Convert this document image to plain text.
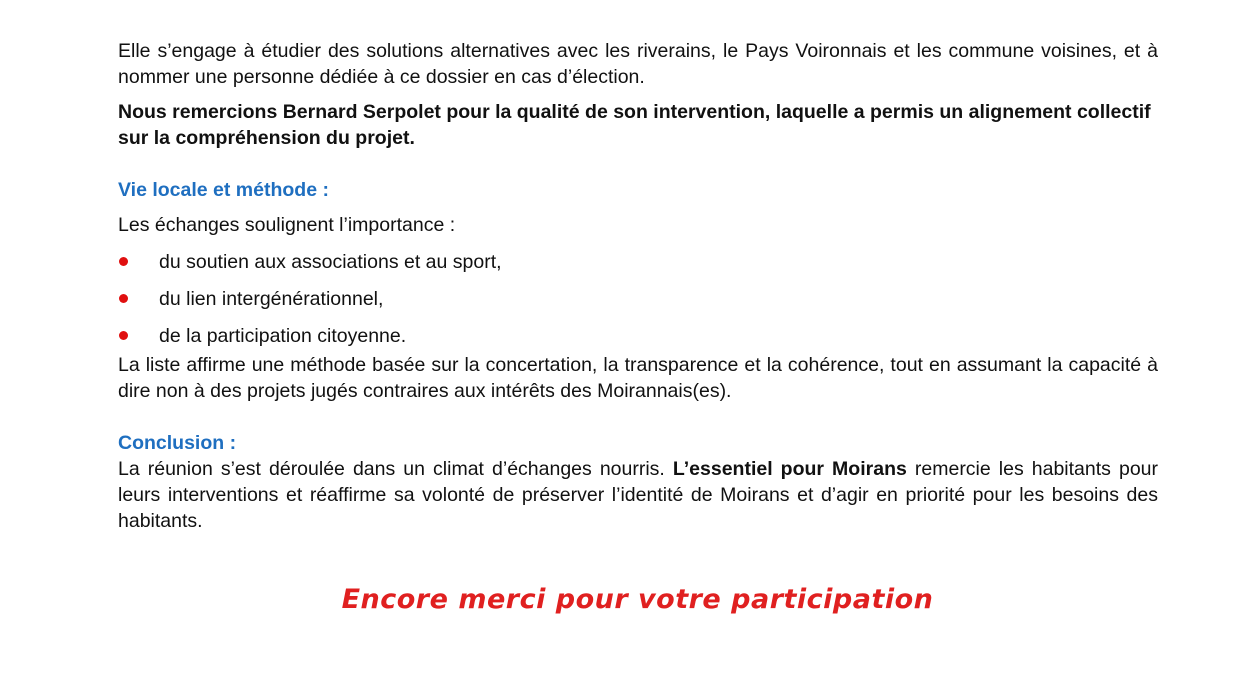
Elle s’engage à étudier des solutions alternatives avec les riverains, le Pays Voironnais et les commune voisines, et à nommer une personne dédiée à ce dossier en cas d’élection.

Nous remercions Bernard Serpolet pour la qualité de son intervention, laquelle a permis un alignement collectif sur la compréhension du projet.

Vie locale et méthode :

Les échanges soulignent l’importance :

du soutien aux associations et au sport,
du lien intergénérationnel,
de la participation citoyenne.

La liste affirme une méthode basée sur la concertation, la transparence et la cohérence, tout en assumant la capacité à dire non à des projets jugés contraires aux intérêts des Moirannais(es).

Conclusion :

La réunion s’est déroulée dans un climat d’échanges nourris. L’essentiel pour Moirans remercie les habitants pour leurs interventions et réaffirme sa volonté de préserver l’identité de Moirans et d’agir en priorité pour les besoins des habitants.

Encore merci pour votre participation
